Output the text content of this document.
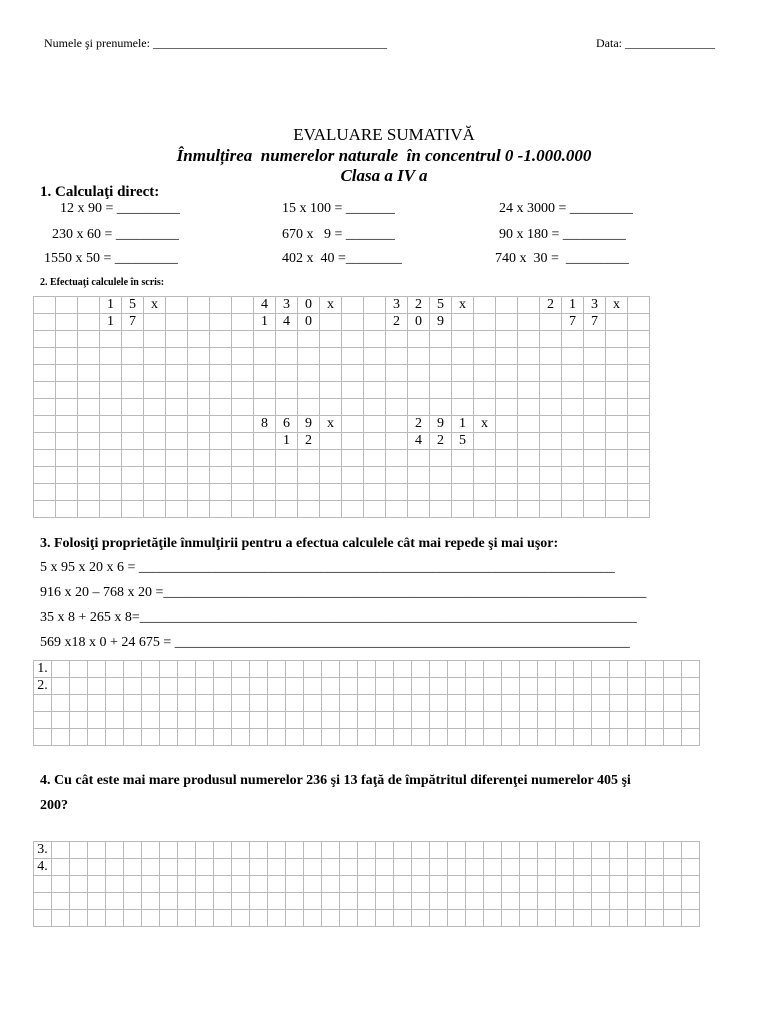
Numele şi prenumele: _______________________________________	Data: _______________
EVALUARE SUMATIVĂ
Înmulțirea  numerelor naturale  în concentrul 0 -1.000.000
Clasa a IV a
1. Calculaţi direct:
12 x 90 = _________	15 x 100 = _______	24 x 3000 = _________
230 x 60 = _________	670 x   9 = _______	90 x 180 = _________
1550 x 50 = _________	402 x  40 =________	740 x  30 =  _________
2. Efectuaţi calculele în scris:
			1	5	x					4	3	0	x			3	2	5	x				2	1	3	x	
			1	7						1	4	0				2	0	9						7	7		

										8	6	9	x				2	9	1	x							
											1	2					4	2	5								

3. Folosiţi proprietăţile înmulţirii pentru a efectua calculele cât mai repede şi mai uşor:
5 x 95 x 20 x 6 = ____________________________________________________________________
916 x 20 – 768 x 20 =_____________________________________________________________________
35 x 8 + 265 x 8=_______________________________________________________________________
569 x18 x 0 + 24 675 = _________________________________________________________________
1.																																				
2.																																				

4. Cu cât este mai mare produsul numerelor 236 şi 13 faţă de împătritul diferenţei numerelor 405 şi
200?
3.																																				
4.																																				
